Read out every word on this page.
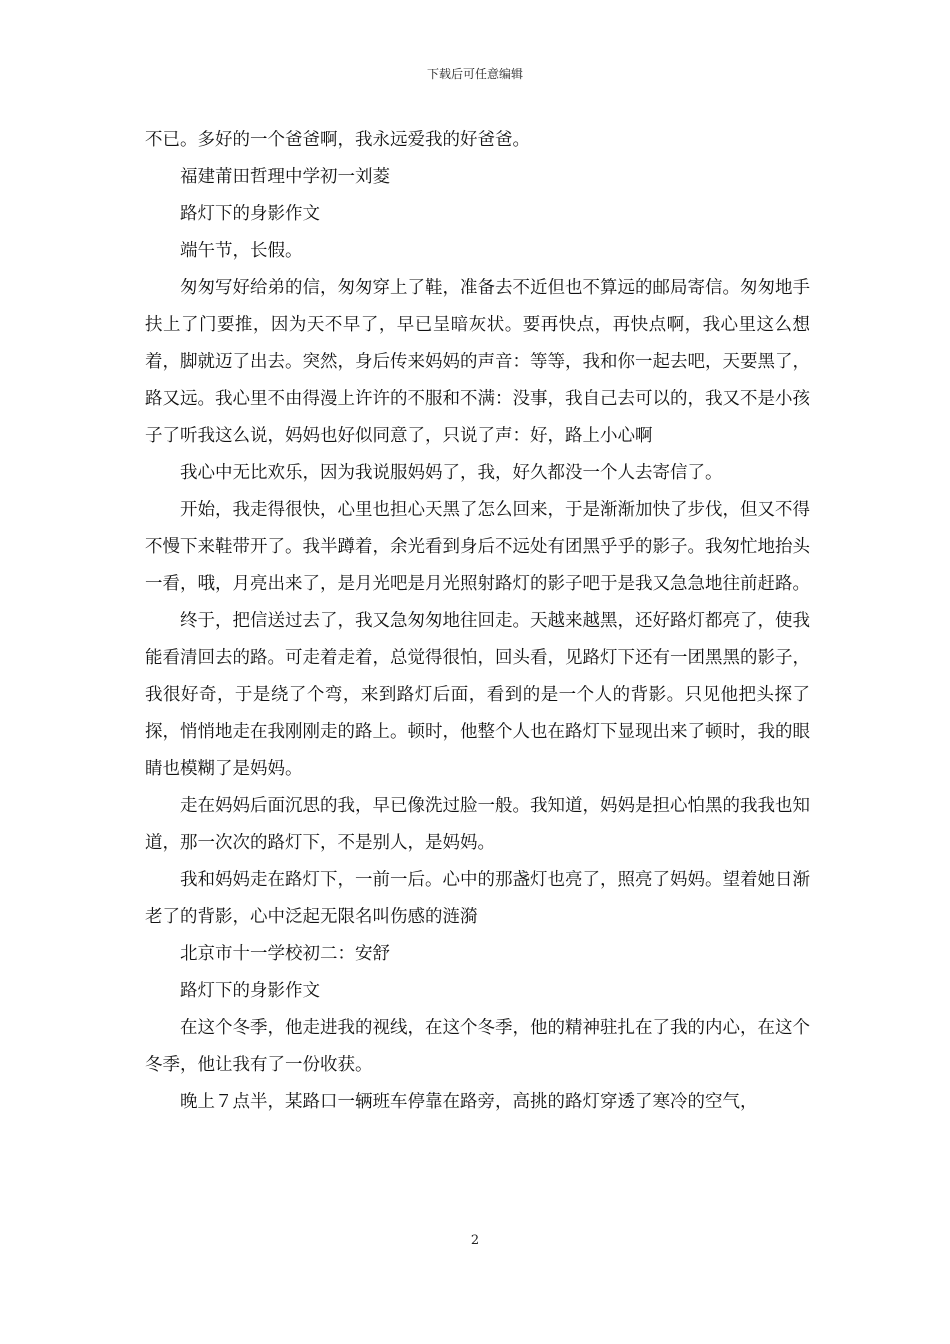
下载后可任意编辑

不已。多好的一个爸爸啊，我永远爱我的好爸爸。

福建莆田哲理中学初一刘菱

路灯下的身影作文

端午节，长假。

匆匆写好给弟的信，匆匆穿上了鞋，准备去不近但也不算远的邮局寄信。匆匆地手扶上了门要推，因为天不早了，早已呈暗灰状。要再快点，再快点啊，我心里这么想着，脚就迈了出去。突然，身后传来妈妈的声音：等等，我和你一起去吧，天要黑了，路又远。我心里不由得漫上许许的不服和不满：没事，我自己去可以的，我又不是小孩子了听我这么说，妈妈也好似同意了，只说了声：好，路上小心啊

我心中无比欢乐，因为我说服妈妈了，我，好久都没一个人去寄信了。

开始，我走得很快，心里也担心天黑了怎么回来，于是渐渐加快了步伐，但又不得不慢下来鞋带开了。我半蹲着，余光看到身后不远处有团黑乎乎的影子。我匆忙地抬头一看，哦，月亮出来了，是月光吧是月光照射路灯的影子吧于是我又急急地往前赶路。

终于，把信送过去了，我又急匆匆地往回走。天越来越黑，还好路灯都亮了，使我能看清回去的路。可走着走着，总觉得很怕，回头看，见路灯下还有一团黑黑的影子，我很好奇，于是绕了个弯，来到路灯后面，看到的是一个人的背影。只见他把头探了探，悄悄地走在我刚刚走的路上。顿时，他整个人也在路灯下显现出来了顿时，我的眼睛也模糊了是妈妈。

走在妈妈后面沉思的我，早已像洗过脸一般。我知道，妈妈是担心怕黑的我我也知道，那一次次的路灯下，不是别人，是妈妈。

我和妈妈走在路灯下，一前一后。心中的那盏灯也亮了，照亮了妈妈。望着她日渐老了的背影，心中泛起无限名叫伤感的涟漪

北京市十一学校初二：安舒

路灯下的身影作文

在这个冬季，他走进我的视线，在这个冬季，他的精神驻扎在了我的内心，在这个冬季，他让我有了一份收获。

晚上７点半，某路口一辆班车停靠在路旁，高挑的路灯穿透了寒冷的空气，

2
